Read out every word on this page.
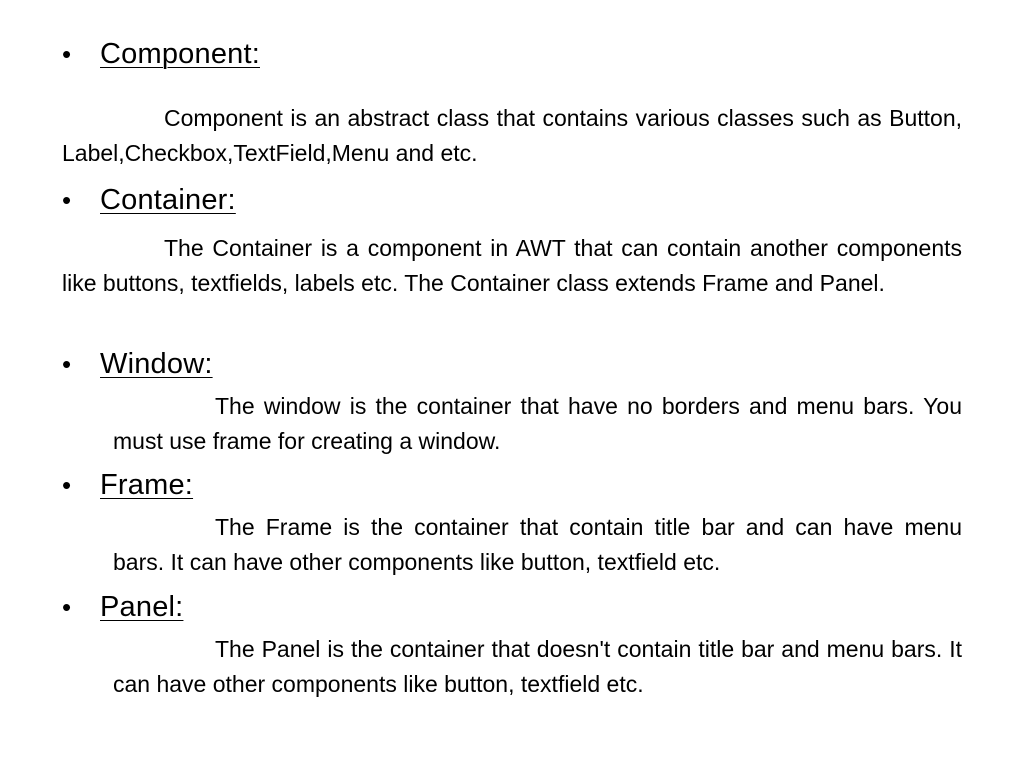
• Component:

Component is an abstract class that contains various classes such as Button, Label,Checkbox,TextField,Menu and etc.

• Container:

The Container is a component in AWT that can contain another components like buttons, textfields, labels etc. The Container class extends Frame and Panel.

• Window:

The window is the container that have no borders and menu bars. You must use frame for creating a window.

• Frame:

The Frame is the container that contain title bar and can have menu bars. It can have other components like button, textfield etc.

• Panel:

The Panel is the container that doesn't contain title bar and menu bars. It can have other components like button, textfield etc.
